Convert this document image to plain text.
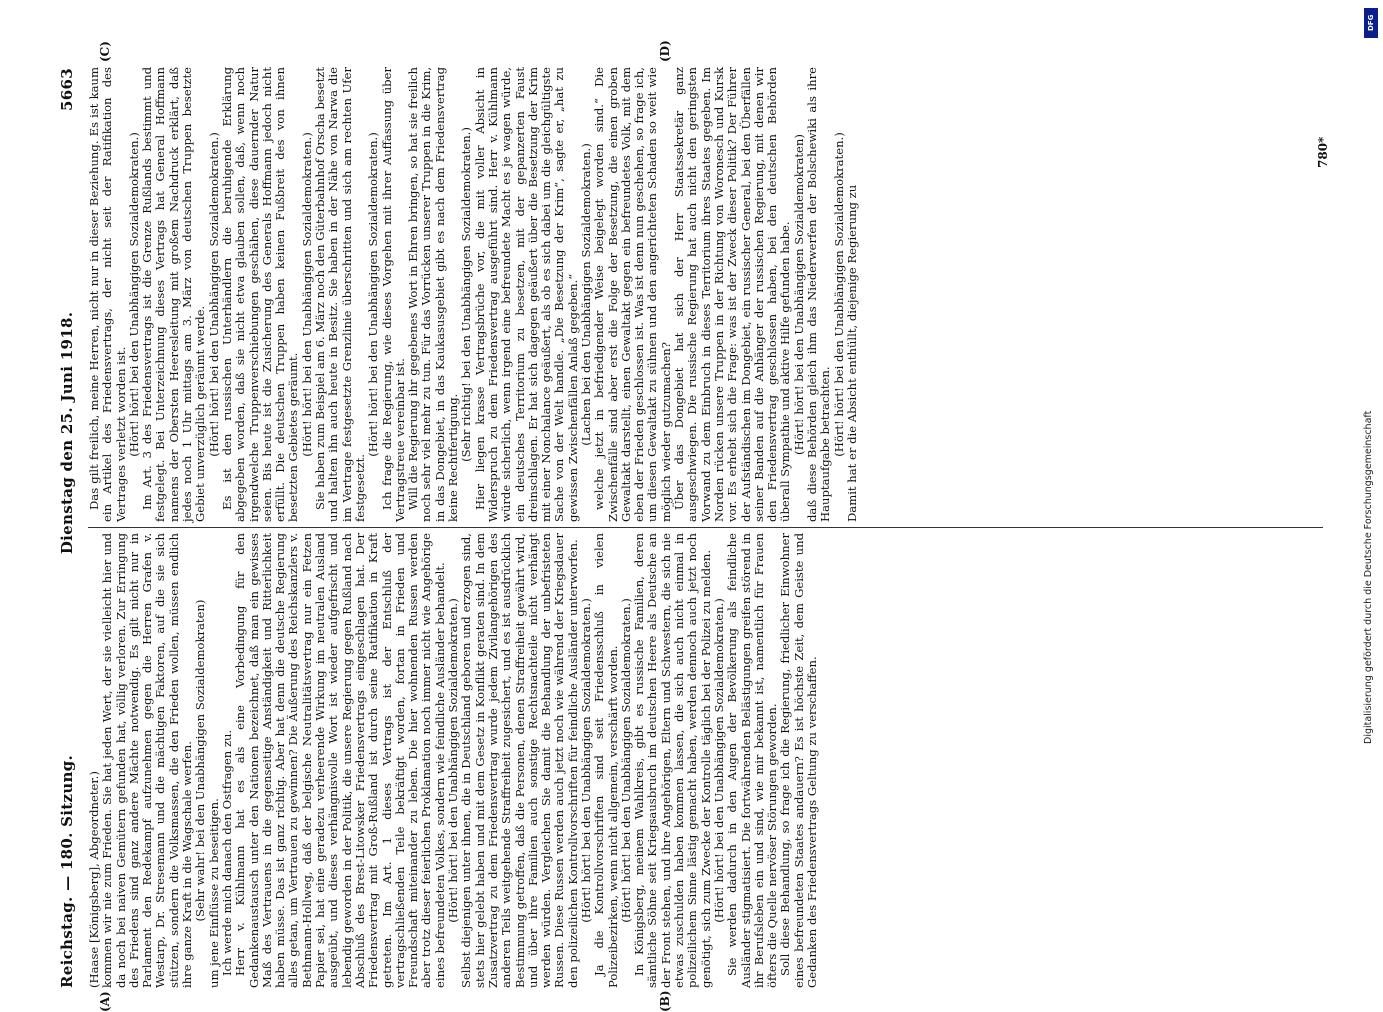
Reichstag. — 180. Sitzung.
Dienstag den 25. Juni 1918.
5663

(Haase [Königsberg], Abgeordneter.) kommen wir nie zum Frieden. Sie hat jeden Wert, der sie vielleicht hier und da noch bei naiven Gemütern gefunden hat, völlig verloren. Zur Erringung des Friedens sind ganz andere Mächte notwendig. Es gilt nicht nur in Parlament den Redekampf aufzunehmen gegen die Herren Grafen v. Westarp, Dr. Stresemann und die mächtigen Faktoren, auf die sie sich stützen, sondern die Volksmassen, die den Frieden wollen, müssen endlich ihre ganze Kraft in die Wagschale werfen. (Sehr wahr! bei den Unabhängigen Sozialdemokraten) um jene Einflüsse zu beseitigen. Ich werde mich danach den Ostfragen zu. Herr v. Kühlmann hat es als eine Vorbedingung für den Gedankenaustausch unter den Nationen bezeichnet, daß man ein gewisses Maß des Vertrauens in die gegenseitige Anständigkeit und Ritterlichkeit haben müsse. Das ist ganz richtig. Aber hat denn die deutsche Regierung alles getan, um Vertrauen zu gewinnen? Die Äußerung des Reichskanzlers v. Bethmann-Hollweg, daß der belgische Neutralitätsvertrag nur ein Fetzen Papier sei, hat eine geradezu verheerende Wirkung im neutralen Ausland ausgeübt, und dieses verhängnisvolle Wort ist wieder aufgefrischt und lebendig geworden in der Politik, die unsere Regierung gegen Rußland nach Abschluß des Brest-Litowsker Friedensvertrags eingeschlagen hat. Der Friedensvertrag mit Groß-Rußland ist durch seine Ratifikation in Kraft getreten. Im Art. 1 dieses Vertrags ist der Entschluß der vertragschließenden Teile bekräftigt worden, fortan in Frieden und Freundschaft miteinander zu leben. Die hier wohnenden Russen werden aber trotz dieser feierlichen Proklamation noch immer nicht wie Angehörige eines befreundeten Volkes, sondern wie feindliche Ausländer behandelt. (Hört! hört! bei den Unabhängigen Sozialdemokraten.) Selbst diejenigen unter ihnen, die in Deutschland geboren und erzogen sind, stets hier gelebt haben und mit dem Gesetz in Konflikt geraten sind. In dem Zusatzvertrag zu dem Friedensvertrag wurde jedem Zivilangehörigen des anderen Teils weitgehende Straffreiheit zugesichert, und es ist ausdrücklich Bestimmung getroffen, daß die Personen, denen Straffreiheit gewährt wird, und über ihre Familien auch sonstige Rechtsnachteile nicht verhängt werden würden. Vergleichen Sie damit die Behandlung der unbefristeten Russen. Diese Russen werden auch jetzt noch wie während der Kriegsdauer den polizeilichen Kontrollvorschriften für feindliche Ausländer unterworfen. (Hört! hört! bei den Unabhängigen Sozialdemokraten.) Ja die Kontrollvorschriften sind seit Friedensschluß in vielen Polizeibezirken, wenn nicht allgemein, verschärft worden. (Hört! hört! bei den Unabhängigen Sozialdemokraten.) In Königsberg, meinem Wahlkreis, gibt es russische Familien, deren sämtliche Söhne seit Kriegsausbruch im deutschen Heere als Deutsche an der Front stehen, und ihre Angehörigen, Eltern und Schwestern, die sich nie etwas zuschulden haben kommen lassen, die sich auch nicht einmal in polizeilichem Sinne lästig gemacht haben, werden dennoch auch jetzt noch genötigt, sich zum Zwecke der Kontrolle täglich bei der Polizei zu melden. (Hört! hört! bei den Unabhängigen Sozialdemokraten.) Sie werden dadurch in den Augen der Bevölkerung als feindliche Ausländer stigmatisiert. Die fortwährenden Belästigungen greifen störend in ihr Berufsleben ein und sind, wie mir bekannt ist, namentlich für Frauen öfters die Quelle nervöser Störungen geworden. Soll diese Behandlung, so frage ich die Regierung, friedlicher Einwohner eines befreundeten Staates andauern? Es ist höchste Zeit, dem Geiste und Gedanken des Friedensvertrags Geltung zu verschaffen.

Das gilt freilich, meine Herren, nicht nur in dieser Beziehung. Es ist kaum ein Artikel des Friedensvertrags, der nicht seit der Ratifikation des Vertrages verletzt worden ist. (Hört! hört! bei den Unabhängigen Sozialdemokraten.) Im Art. 3 des Friedensvertrags ist die Grenze Rußlands bestimmt und festgelegt. Bei Unterzeichnung dieses Vertrags hat General Hoffmann namens der Obersten Heeresleitung mit großem Nachdruck erklärt, daß jedes noch 1 Uhr mittags am 3. März von deutschen Truppen besetzte Gebiet unverzüglich geräumt werde. (Hört! hört! bei den Unabhängigen Sozialdemokraten.) Es ist den russischen Unterhändlern die beruhigende Erklärung abgegeben worden, daß sie nicht etwa glauben sollen, daß, wenn noch irgendwelche Truppenverschiebungen geschähen, diese dauernder Natur seien. Bis heute ist die Zusicherung des Generals Hoffmann jedoch nicht erfüllt. Die deutschen Truppen haben keinen Fußbreit des von ihnen besetzten Gebietes geräumt. (Hört! hört! bei den Unabhängigen Sozialdemokraten.) Sie haben zum Beispiel am 6. März noch den Güterbahnhof Orscha besetzt und halten ihn auch heute in Besitz. Sie haben in der Nähe von Narwa die im Vertrage festgesetzte Grenzlinie überschritten und sich am rechten Ufer festgesetzt.

(Hört! hört! bei den Unabhängigen Sozialdemokraten.) Ich frage die Regierung, wie dieses Vorgehen mit ihrer Auffassung über Vertragstreue vereinbar ist. Will die Regierung ihr gegebenes Wort in Ehren bringen, so hat sie freilich noch sehr viel mehr zu tun. Für das Vorrücken unserer Truppen in die Krim, in das Dongebiet, in das Kaukasusgebiet gibt es nach dem Friedensvertrag keine Rechtfertigung. (Sehr richtig! bei den Unabhängigen Sozialdemokraten.) Hier liegen krasse Vertragsbrüche vor, die mit voller Absicht in Widerspruch zu dem Friedensvertrag ausgeführt sind. Herr v. Kühlmann würde sicherlich, wenn irgend eine befreundete Macht es je wagen würde, ein deutsches Territorium zu besetzen, mit der gepanzerten Faust dreinschlagen. Er hat sich dagegen geäußert über die Besetzung der Krim mit einer Nonchalance geäußert, als ob es sich dabei um die gleichgültigste Sache von der Welt handle. „Die Besetzung der Krim“, sagte er, „hat zu gewissen Zwischenfällen Anlaß gegeben.“ (Lachen bei den Unabhängigen Sozialdemokraten.) welche jetzt in befriedigender Weise beigelegt worden sind.“ Die Zwischenfälle sind aber erst die Folge der Besetzung, die einen groben Gewaltakt darstellt, einen Gewaltakt gegen ein befreundetes Volk, mit dem eben der Frieden geschlossen ist. Was ist denn nun geschehen, so frage ich, um diesen Gewaltakt zu sühnen und den angerichteten Schaden so weit wie möglich wieder gutzumachen? Über das Dongebiet hat sich der Herr Staatssekretär ganz ausgeschwiegen. Die russische Regierung hat auch nicht den geringsten Vorwand zu dem Einbruch in dieses Territorium ihres Staates gegeben. Im Norden rücken unsere Truppen in der Richtung von Woronesch und Kursk vor. Es erhebt sich die Frage: was ist der Zweck dieser Politik? Der Führer der Aufständischen im Dongebiet, ein russischer General, bei den Überfällen seiner Banden auf die Anhänger der russischen Regierung, mit denen wir den Friedensvertrag geschlossen haben, bei den deutschen Behörden überall Sympathie und aktive Hilfe gefunden habe. (Hört! hört! bei den Unabhängigen Sozialdemokraten) daß diese Behörden gleich ihm das Niederwerfen der Bolschewiki als ihre Hauptaufgabe betrachten. (Hört! hört! bei den Unabhängigen Sozialdemokraten.) Damit hat er die Absicht enthüllt, diejenige Regierung zu

(A)	(B)
(C)	(D)
780*
DFG
Digitalisierung gefördert durch die Deutsche Forschungsgemeinschaft
